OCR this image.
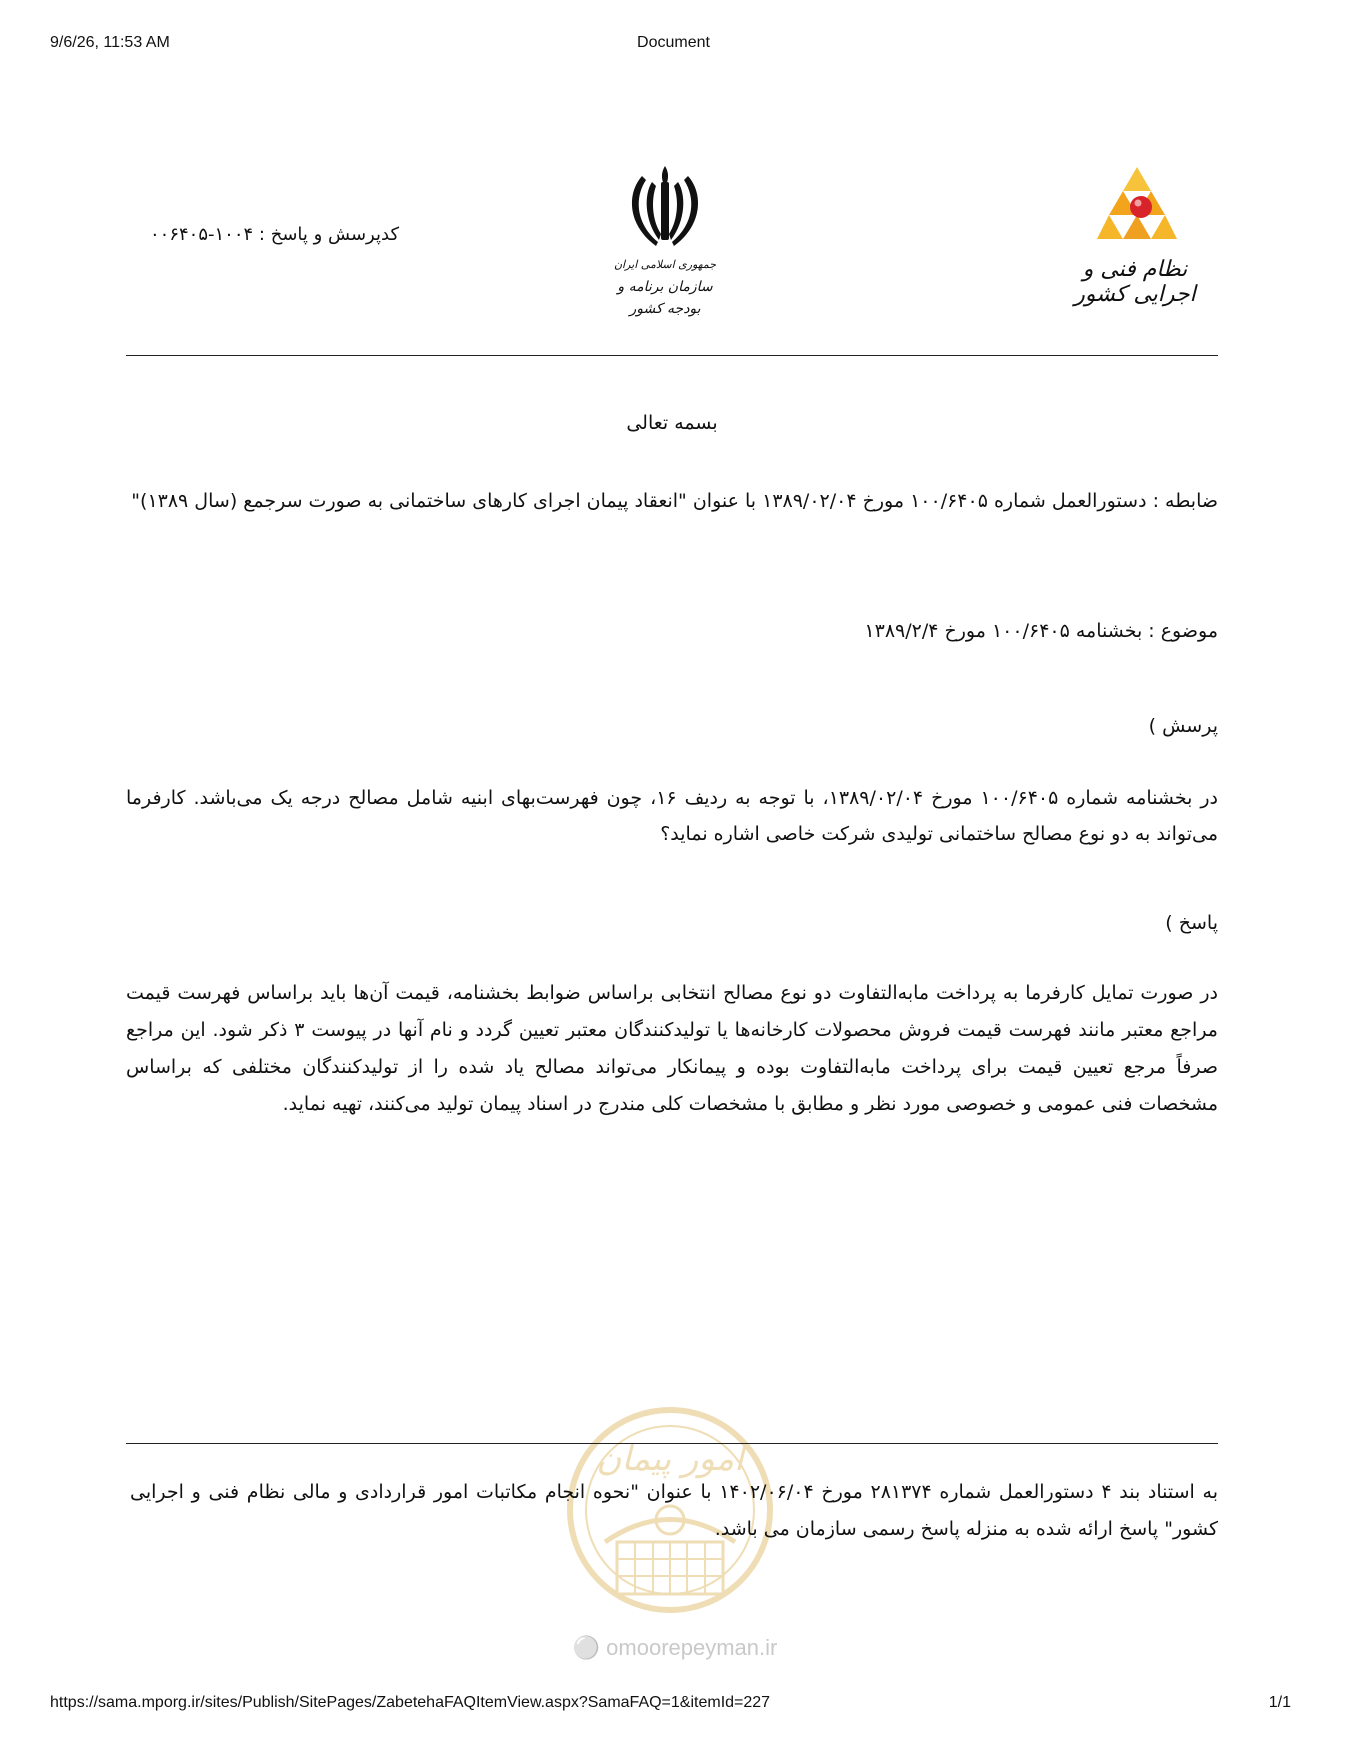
9/6/26, 11:53 AM	Document
کدپرسش و پاسخ : ۱۰۰۴-۰۰۶۴۰۵
جمهوری اسلامی ایران
سازمان برنامه و بودجه کشور
نظام فنی و اجرایی کشور
بسمه تعالی
ضابطه : دستورالعمل شماره ۱۰۰/۶۴۰۵ مورخ ۱۳۸۹/۰۲/۰۴ با عنوان "انعقاد پیمان اجرای کارهای ساختمانی به صورت سرجمع (سال ۱۳۸۹)"
موضوع : بخشنامه ۱۰۰/۶۴۰۵ مورخ ۱۳۸۹/۲/۴
پرسش )
در بخشنامه شماره ۱۰۰/۶۴۰۵ مورخ ۱۳۸۹/۰۲/۰۴، با توجه به ردیف ۱۶، چون فهرست‌بهای ابنیه شامل مصالح درجه یک می‌باشد. کارفرما می‌تواند به دو نوع مصالح ساختمانی تولیدی شرکت خاصی اشاره نماید؟
پاسخ )
در صورت تمایل کارفرما به پرداخت مابه‌التفاوت دو نوع مصالح انتخابی براساس ضوابط بخشنامه، قیمت آن‌ها باید براساس فهرست قیمت مراجع معتبر مانند فهرست قیمت فروش محصولات کارخانه‌ها یا تولیدکنندگان معتبر تعیین گردد و نام آنها در پیوست ۳ ذکر شود. این مراجع صرفاً مرجع تعیین قیمت برای پرداخت مابه‌التفاوت بوده و پیمانکار می‌تواند مصالح یاد شده را از تولیدکنندگان مختلفی که براساس مشخصات فنی عمومی و خصوصی مورد نظر و مطابق با مشخصات کلی مندرج در اسناد پیمان تولید می‌کنند، تهیه نماید.
امور پیمان
⚪ omoorepeyman.ir
به استناد بند ۴ دستورالعمل شماره ۲۸۱۳۷۴ مورخ ۱۴۰۲/۰۶/۰۴ با عنوان "نحوه انجام مکاتبات امور قراردادی و مالی نظام فنی و اجرایی کشور" پاسخ ارائه شده به منزله پاسخ رسمی سازمان می باشد.
https://sama.mporg.ir/sites/Publish/SitePages/ZabetehaFAQItemView.aspx?SamaFAQ=1&itemId=227	1/1
